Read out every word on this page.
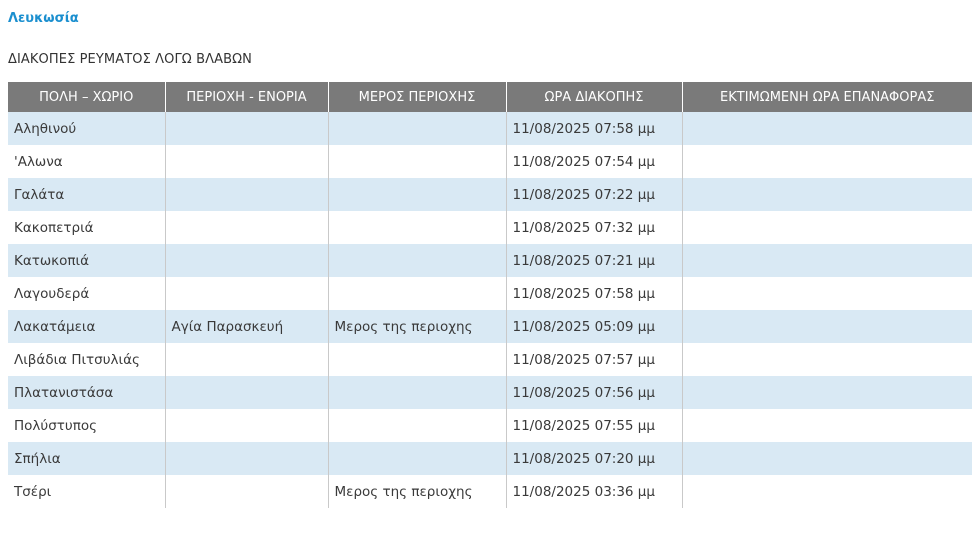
Λευκωσία
ΔΙΑΚΟΠΕΣ ΡΕΥΜΑΤΟΣ ΛΟΓΩ ΒΛΑΒΩΝ
ΠΟΛΗ – ΧΩΡΙΟ	ΠΕΡΙΟΧΗ - ΕΝΟΡΙΑ	ΜΕΡΟΣ ΠΕΡΙΟΧΗΣ	ΩΡΑ ΔΙΑΚΟΠΗΣ	ΕΚΤΙΜΩΜΕΝΗ ΩΡΑ ΕΠΑΝΑΦΟΡΑΣ
Αληθινού			11/08/2025 07:58 μμ	
'Αλωνα			11/08/2025 07:54 μμ	
Γαλάτα			11/08/2025 07:22 μμ	
Κακοπετριά			11/08/2025 07:32 μμ	
Κατωκοπιά			11/08/2025 07:21 μμ	
Λαγουδερά			11/08/2025 07:58 μμ	
Λακατάμεια	Αγία Παρασκευή	Μερος της περιοχης	11/08/2025 05:09 μμ	
Λιβάδια Πιτσυλιάς			11/08/2025 07:57 μμ	
Πλατανιστάσα			11/08/2025 07:56 μμ	
Πολύστυπος			11/08/2025 07:55 μμ	
Σπήλια			11/08/2025 07:20 μμ	
Τσέρι		Μερος της περιοχης	11/08/2025 03:36 μμ	
